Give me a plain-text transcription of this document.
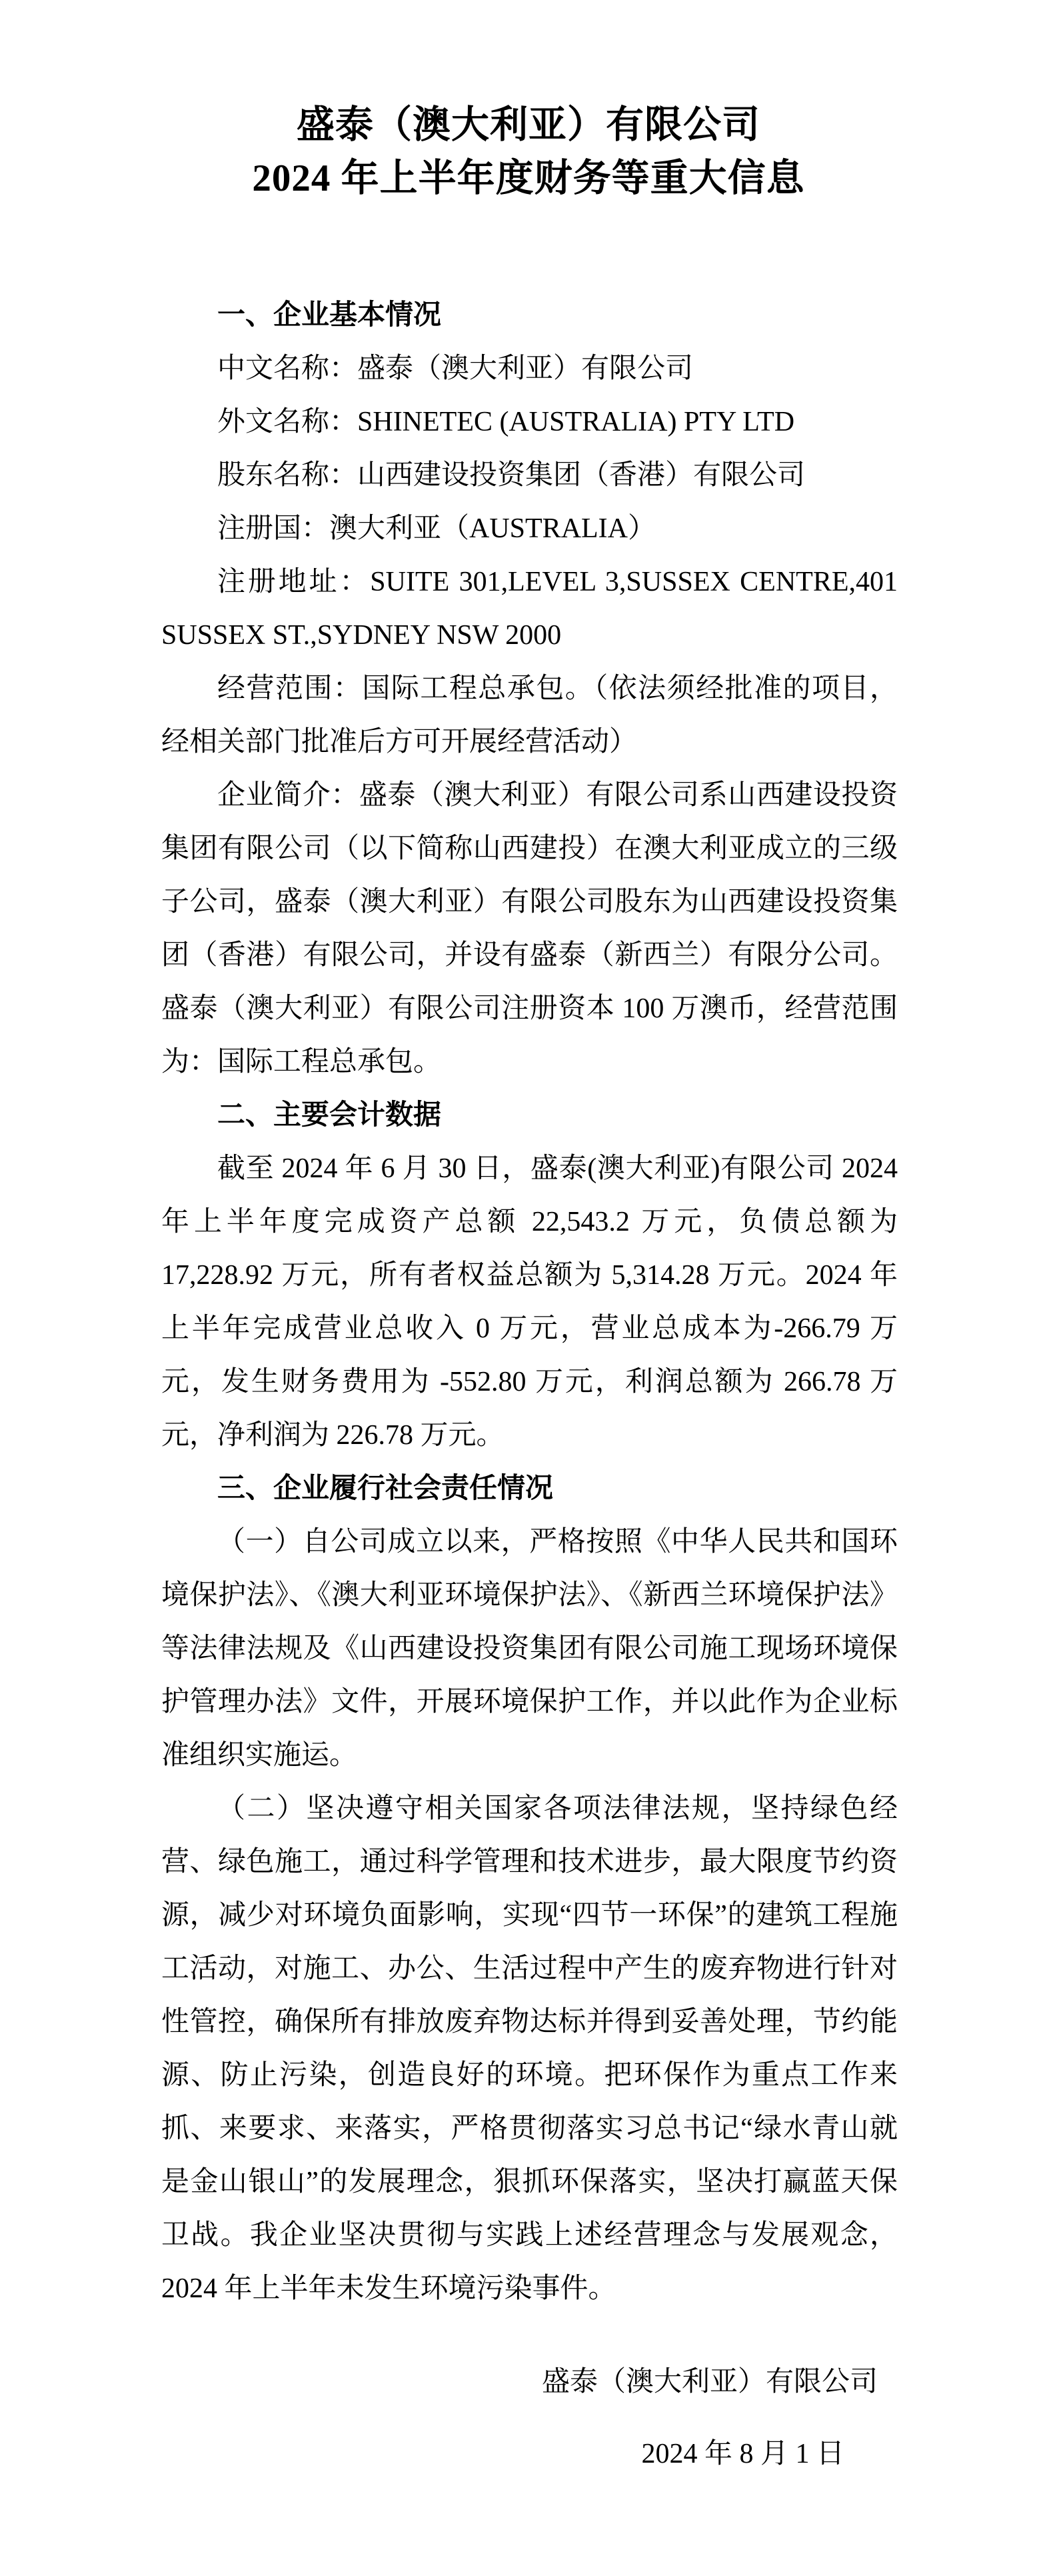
盛泰（澳大利亚）有限公司
2024 年上半年度财务等重大信息

一、企业基本情况

中文名称：盛泰（澳大利亚）有限公司

外文名称：SHINETEC (AUSTRALIA) PTY LTD

股东名称：山西建设投资集团（香港）有限公司

注册国：澳大利亚（AUSTRALIA）

注册地址：SUITE 301,LEVEL 3,SUSSEX CENTRE,401 SUSSEX ST.,SYDNEY NSW 2000

经营范围：国际工程总承包。（依法须经批准的项目，经相关部门批准后方可开展经营活动）

企业简介：盛泰（澳大利亚）有限公司系山西建设投资集团有限公司（以下简称山西建投）在澳大利亚成立的三级子公司，盛泰（澳大利亚）有限公司股东为山西建设投资集团（香港）有限公司，并设有盛泰（新西兰）有限分公司。盛泰（澳大利亚）有限公司注册资本 100 万澳币，经营范围为：国际工程总承包。

二、主要会计数据

截至 2024 年 6 月 30 日，盛泰(澳大利亚)有限公司 2024 年上半年度完成资产总额 22,543.2 万元，负债总额为 17,228.92 万元，所有者权益总额为 5,314.28 万元。2024 年上半年完成营业总收入 0 万元，营业总成本为-266.79 万元，发生财务费用为 -552.80 万元，利润总额为 266.78 万元，净利润为 226.78 万元。

三、企业履行社会责任情况

（一）自公司成立以来，严格按照《中华人民共和国环境保护法》、《澳大利亚环境保护法》、《新西兰环境保护法》等法律法规及《山西建设投资集团有限公司施工现场环境保护管理办法》文件，开展环境保护工作，并以此作为企业标准组织实施运。

（二）坚决遵守相关国家各项法律法规，坚持绿色经营、绿色施工，通过科学管理和技术进步，最大限度节约资源，减少对环境负面影响，实现“四节一环保”的建筑工程施工活动，对施工、办公、生活过程中产生的废弃物进行针对性管控，确保所有排放废弃物达标并得到妥善处理，节约能源、防止污染，创造良好的环境。把环保作为重点工作来抓、来要求、来落实，严格贯彻落实习总书记“绿水青山就是金山银山”的发展理念，狠抓环保落实，坚决打赢蓝天保卫战。我企业坚决贯彻与实践上述经营理念与发展观念，2024 年上半年未发生环境污染事件。

盛泰（澳大利亚）有限公司
2024 年 8 月 1 日
